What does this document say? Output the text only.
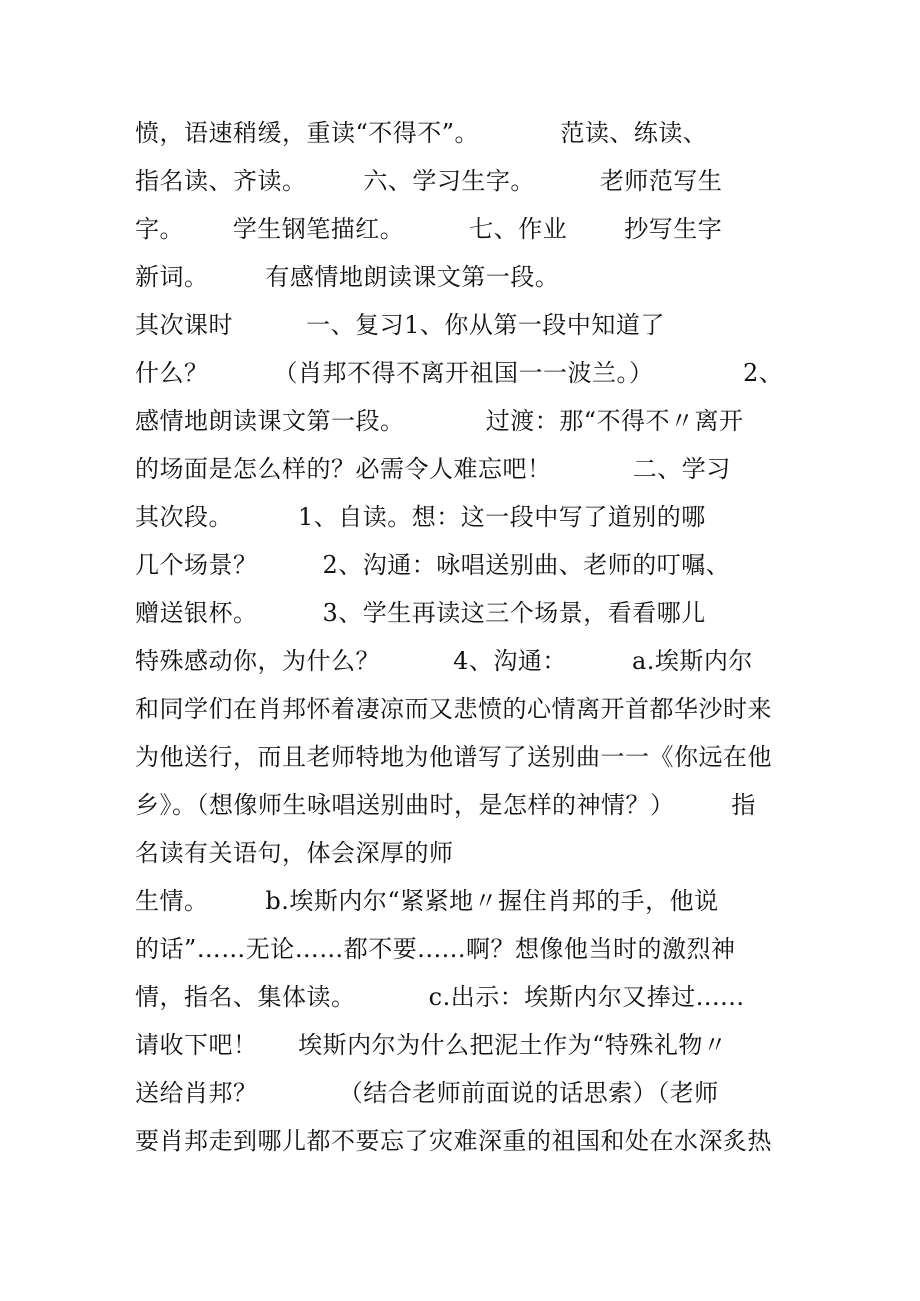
愤，语速稍缓，重读“不得不”。          范读、练读、
指名读、齐读。       六、学习生字。        老师范写生
字。      学生钢笔描红。        七、作业       抄写生字
新词。       有感情地朗读课文第一段。
其次课时         一、复习1、你从第一段中知道了
什么？        （肖邦不得不离开祖国一一波兰。）           2、
感情地朗读课文第一段。          过渡：那“不得不〃离开
的场面是怎么样的？必需令人难忘吧！          二、学习
其次段。        1、自读。想：这一段中写了道别的哪
几个场景？        2、沟通：咏唱送别曲、老师的叮嘱、
赠送银杯。        3、学生再读这三个场景，看看哪儿
特殊感动你，为什么？         4、沟通：        a.埃斯内尔
和同学们在肖邦怀着凄凉而又悲愤的心情离开首都华沙时来
为他送行，而且老师特地为他谱写了送别曲一一《你远在他
乡》。（想像师生咏唱送别曲时，是怎样的神情？）       指
名读有关语句，体会深厚的师
生情。       b.埃斯内尔“紧紧地〃握住肖邦的手，他说
的话”……无论……都不要......啊？想像他当时的激烈神
情，指名、集体读。         c.出示：埃斯内尔又捧过......
请收下吧！     埃斯内尔为什么把泥土作为“特殊礼物〃
送给肖邦？          （结合老师前面说的话思索）（老师
要肖邦走到哪儿都不要忘了灾难深重的祖国和处在水深炙热
